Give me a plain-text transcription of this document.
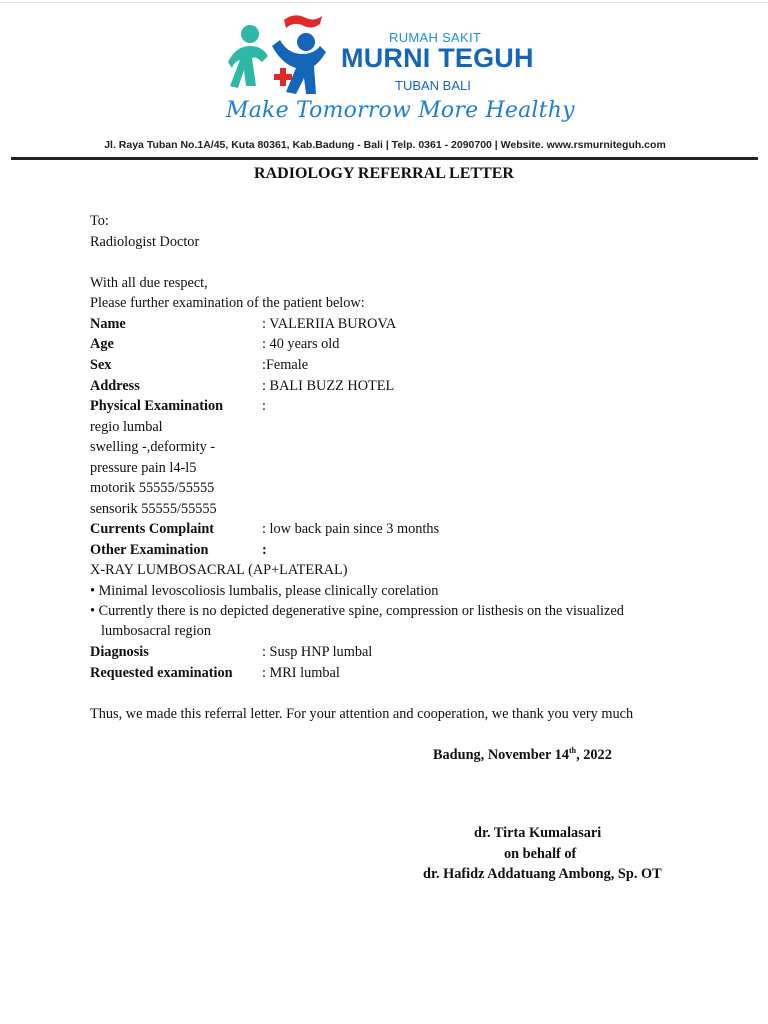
RUMAH SAKIT
MURNI TEGUH
TUBAN BALI
Make Tomorrow More Healthy
Jl. Raya Tuban No.1A/45, Kuta 80361, Kab.Badung - Bali | Telp. 0361 - 2090700 | Website. www.rsmurniteguh.com
RADIOLOGY REFERRAL LETTER
To:
Radiologist Doctor
With all due respect,
Please further examination of the patient below:
Name	: VALERIIA BUROVA
Age	: 40 years old
Sex	:Female
Address	: BALI BUZZ HOTEL
Physical Examination	:
regio lumbal
swelling -,deformity -
pressure pain l4-l5
motorik 55555/55555
sensorik 55555/55555
Currents Complaint	: low back pain since 3 months
Other Examination	:
X-RAY LUMBOSACRAL (AP+LATERAL)
• Minimal levoscoliosis lumbalis, please clinically corelation
• Currently there is no depicted degenerative spine, compression or listhesis on the visualized
lumbosacral region
Diagnosis	: Susp HNP lumbal
Requested examination : MRI lumbal
Thus, we made this referral letter. For your attention and cooperation, we thank you very much
Badung, November 14th, 2022
dr. Tirta Kumalasari
on behalf of
dr. Hafidz Addatuang Ambong, Sp. OT
